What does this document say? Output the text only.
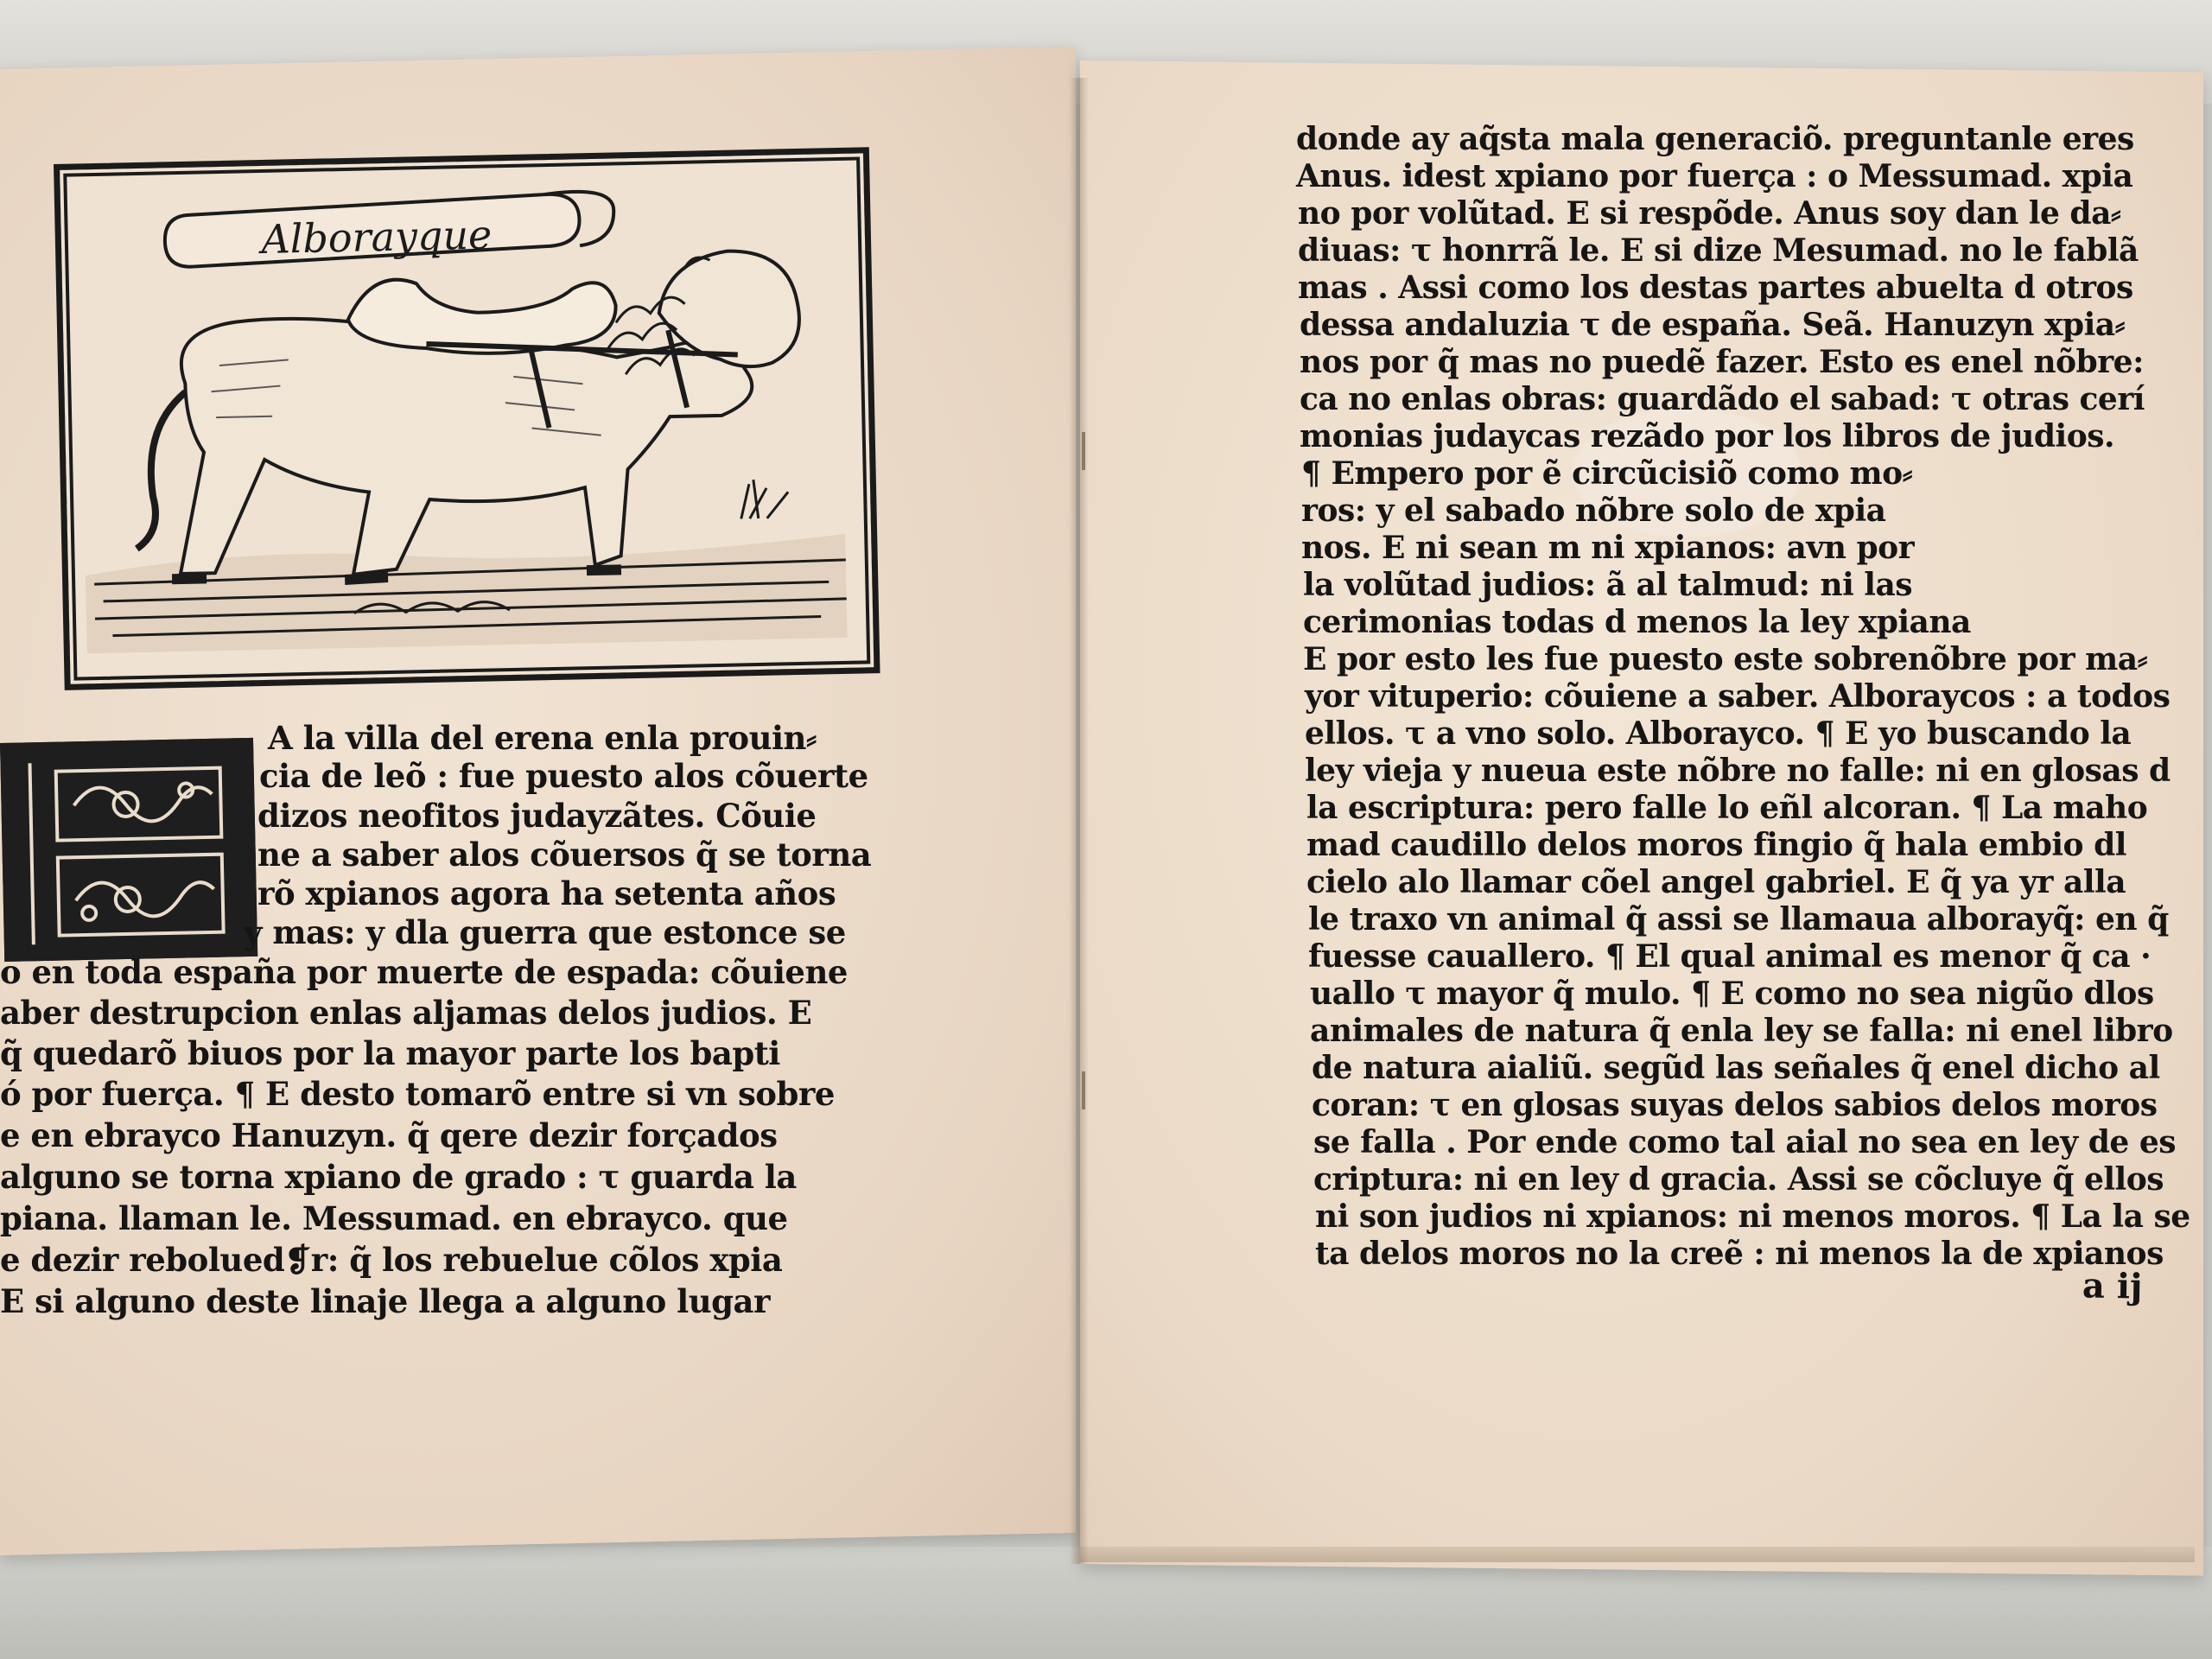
Alborayque
A la villa del erena enla prouin⸗
cia de leõ : fue puesto alos cõuerte
dizos neofitos judayzãtes. Cõuie
ne a saber alos cõuersos q̃ se torna
rõ xpianos agora ha setenta años
y mas: y dla guerra que estonce se
o en toda españa por muerte de espada: cõuiene
aber destrupcion enlas aljamas delos judios. E
q̃ quedarõ biuos por la mayor parte los bapti
ó por fuerça. ¶ E desto tomarõ entre si vn sobre
e en ebrayco Hanuzyn. q̃ qere dezir forçados
alguno se torna xpiano de grado : τ guarda la
piana. llaman le. Messumad. en ebrayco. que
e dezir rebolued❡r: q̃ los rebuelue cõlos xpia
E si alguno deste linaje llega a alguno lugar
donde ay aq̃sta mala generaciõ. preguntanle eres
Anus. idest xpiano por fuerça : o Messumad. xpia
no por volũtad. E si respõde. Anus soy dan le da⸗
diuas: τ honrrã le. E si dize Mesumad. no le fablã
mas . Assi como los destas partes abuelta d otros
dessa andaluzia τ de españa. Seã. Hanuzyn xpia⸗
nos por q̃ mas no puedẽ fazer. Esto es enel nõbre:
ca no enlas obras: guardãdo el sabad: τ otras cerí
monias judaycas rezãdo por los libros de judios.
¶ Empero por ẽ circũcisiõ como mo⸗
ros: y el sabado nõbre solo de xpia
nos. E ni sean m ni xpianos: avn por
la volũtad judios: ã al talmud: ni las
cerimonias todas d menos la ley xpiana
E por esto les fue puesto este sobrenõbre por ma⸗
yor vituperio: cõuiene a saber. Alboraycos : a todos
ellos. τ a vno solo. Alborayco. ¶ E yo buscando la
ley vieja y nueua este nõbre no falle: ni en glosas d
la escriptura: pero falle lo eñl alcoran. ¶ La maho
mad caudillo delos moros fingio q̃ hala embio dl
cielo alo llamar cõel angel gabriel. E q̃ ya yr alla
le traxo vn animal q̃ assi se llamaua alborayq̃: en q̃
fuesse cauallero. ¶ El qual animal es menor q̃ ca ·
uallo τ mayor q̃ mulo. ¶ E como no sea nigũo dlos
animales de natura q̃ enla ley se falla: ni enel libro
de natura aialiũ. segũd las señales q̃ enel dicho al
coran: τ en glosas suyas delos sabios delos moros
se falla . Por ende como tal aial no sea en ley de es
criptura: ni en ley d gracia. Assi se cõcluye q̃ ellos
ni son judios ni xpianos: ni menos moros. ¶ La la se
ta delos moros no la creẽ : ni menos la de xpianos
a ij
